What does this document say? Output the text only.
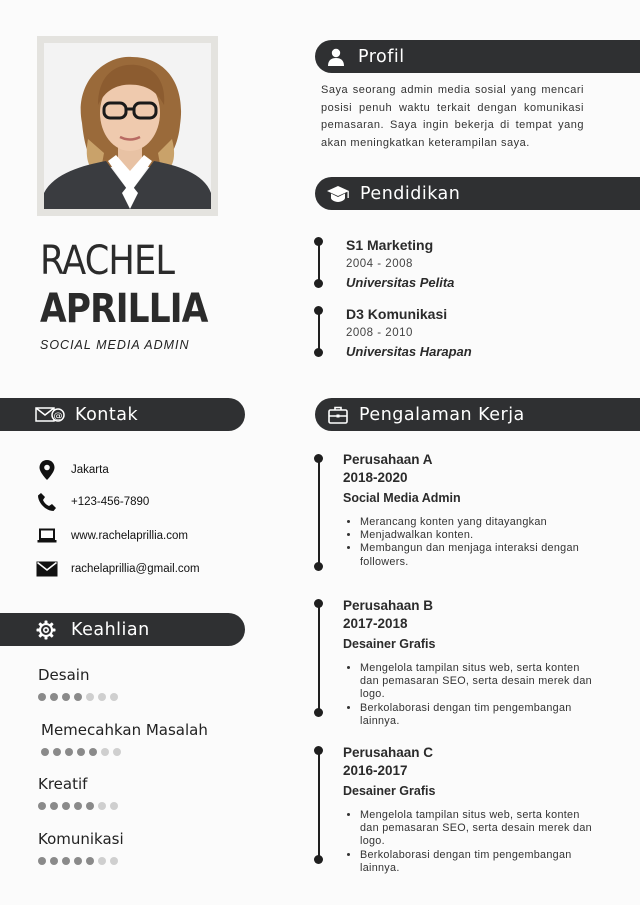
RACHEL
APRILLIA
SOCIAL MEDIA ADMIN
@ Kontak
Jakarta
+123-456-7890
www.rachelaprillia.com
rachelaprillia@gmail.com
Keahlian
Desain
Memecahkan Masalah
Kreatif
Komunikasi
Profil
Saya seorang admin media sosial yang mencari posisi penuh waktu terkait dengan komunikasi pemasaran. Saya ingin bekerja di tempat yang akan meningkatkan keterampilan saya.
Pendidikan
S1 Marketing
2004 - 2008
Universitas Pelita
D3 Komunikasi
2008 - 2010
Universitas Harapan
Pengalaman Kerja
Perusahaan A
2018-2020
Social Media Admin
• Merancang konten yang ditayangkan
• Menjadwalkan konten.
• Membangun dan menjaga interaksi dengan followers.
Perusahaan B
2017-2018
Desainer Grafis
• Mengelola tampilan situs web, serta konten dan pemasaran SEO, serta desain merek dan logo.
• Berkolaborasi dengan tim pengembangan lainnya.
Perusahaan C
2016-2017
Desainer Grafis
• Mengelola tampilan situs web, serta konten dan pemasaran SEO, serta desain merek dan logo.
• Berkolaborasi dengan tim pengembangan lainnya.
